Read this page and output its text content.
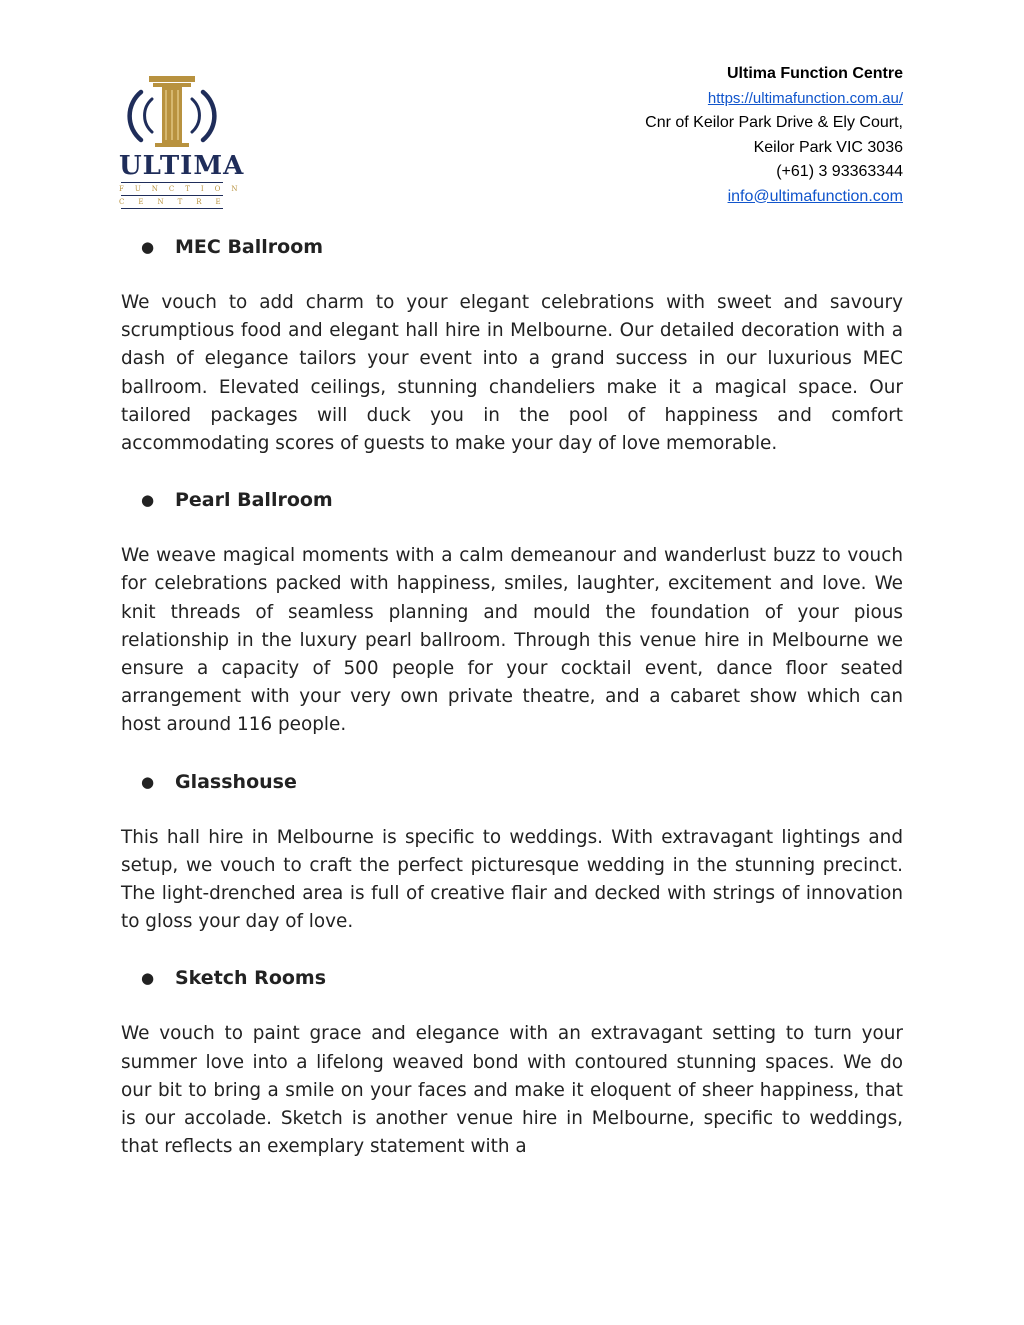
ULTIMA
FUNCTION
CENTRE
Ultima Function Centre
https://ultimafunction.com.au/
Cnr of Keilor Park Drive & Ely Court,
Keilor Park VIC 3036
(+61) 3 93363344
info@ultimafunction.com
●	MEC Ballroom

We vouch to add charm to your elegant celebrations with sweet and savoury scrumptious food and elegant hall hire in Melbourne. Our detailed decoration with a dash of elegance tailors your event into a grand success in our luxurious MEC ballroom. Elevated ceilings, stunning chandeliers make it a magical space. Our tailored packages will duck you in the pool of happiness and comfort accommodating scores of guests to make your day of love memorable.

●	Pearl Ballroom

We weave magical moments with a calm demeanour and wanderlust buzz to vouch for celebrations packed with happiness, smiles, laughter, excitement and love. We knit threads of seamless planning and mould the foundation of your pious relationship in the luxury pearl ballroom. Through this venue hire in Melbourne we ensure a capacity of 500 people for your cocktail event, dance floor seated arrangement with your very own private theatre, and a cabaret show which can host around 116 people.

●	Glasshouse

This hall hire in Melbourne is specific to weddings. With extravagant lightings and setup, we vouch to craft the perfect picturesque wedding in the stunning precinct. The light-drenched area is full of creative flair and decked with strings of innovation to gloss your day of love.

●	Sketch Rooms

We vouch to paint grace and elegance with an extravagant setting to turn your summer love into a lifelong weaved bond with contoured stunning spaces. We do our bit to bring a smile on your faces and make it eloquent of sheer happiness, that is our accolade. Sketch is another venue hire in Melbourne, specific to weddings, that reflects an exemplary statement with a
